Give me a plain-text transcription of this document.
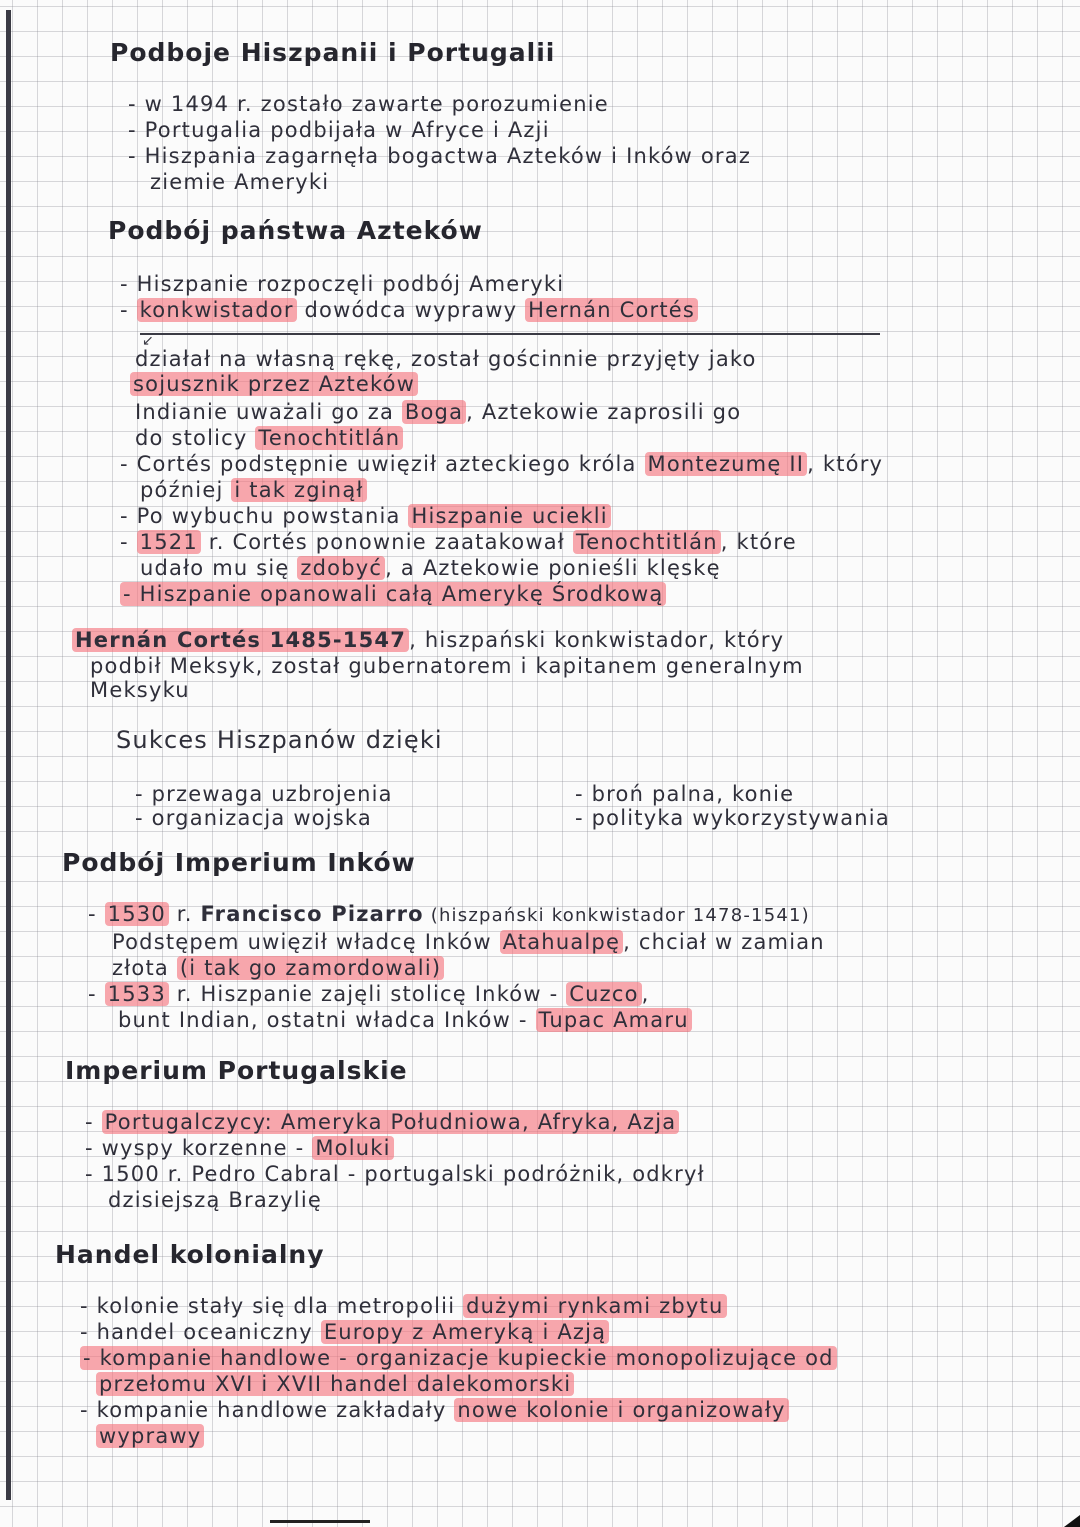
Podboje Hiszpanii i Portugalii
- w 1494 r. zostało zawarte porozumienie
- Portugalia podbijała w Afryce i Azji
- Hiszpania zagarnęła bogactwa Azteków i Inków oraz
ziemie Ameryki
Podbój państwa Azteków
- Hiszpanie rozpoczęli podbój Ameryki
- konkwistador dowódca wyprawy Hernán Cortés
↙
działał na własną rękę, został gościnnie przyjęty jako
sojusznik przez Azteków
Indianie uważali go za Boga , Aztekowie zaprosili go
do stolicy Tenochtitlán
- Cortés podstępnie uwięził azteckiego króla Montezumę II , który
później i tak zginął
- Po wybuchu powstania Hiszpanie uciekli
- 1521 r. Cortés ponownie zaatakował Tenochtitlán , które
udało mu się zdobyć , a Aztekowie ponieśli klęskę
- Hiszpanie opanowali całą Amerykę Środkową
Hernán Cortés 1485-1547 , hiszpański konkwistador, który
podbił Meksyk, został gubernatorem i kapitanem generalnym
Meksyku
Sukces Hiszpanów dzięki
- przewaga uzbrojenia
- organizacja wojska
- broń palna, konie
- polityka wykorzystywania
Podbój Imperium Inków
- 1530 r. Francisco Pizarro (hiszpański konkwistador 1478-1541)
Podstępem uwięził władcę Inków Atahualpę , chciał w zamian
złota (i tak go zamordowali)
- 1533 r. Hiszpanie zajęli stolicę Inków - Cuzco ,
bunt Indian, ostatni władca Inków - Tupac Amaru
Imperium Portugalskie
- Portugalczycy: Ameryka Południowa, Afryka, Azja
- wyspy korzenne - Moluki
- 1500 r. Pedro Cabral - portugalski podróżnik, odkrył
dzisiejszą Brazylię
Handel kolonialny
- kolonie stały się dla metropolii dużymi rynkami zbytu
- handel oceaniczny Europy z Ameryką i Azją
- kompanie handlowe - organizacje kupieckie monopolizujące od
przełomu XVI i XVII handel dalekomorski
- kompanie handlowe zakładały nowe kolonie i organizowały
wyprawy
